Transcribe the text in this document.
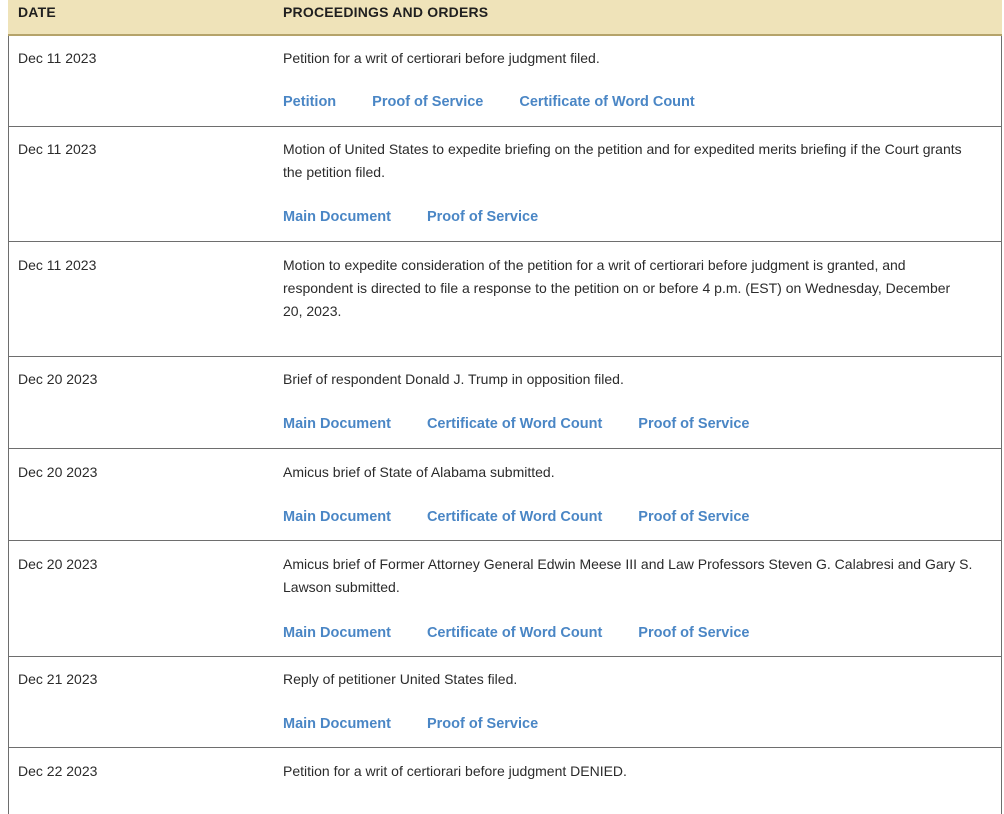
DATE	PROCEEDINGS AND ORDERS
Dec 11 2023	Petition for a writ of certiorari before judgment filed.
Petition Proof of Service Certificate of Word Count
Dec 11 2023	Motion of United States to expedite briefing on the petition and for expedited merits briefing if the Court grants the petition filed.
Main Document Proof of Service
Dec 11 2023	Motion to expedite consideration of the petition for a writ of certiorari before judgment is granted, and respondent is directed to file a response to the petition on or before 4 p.m. (EST) on Wednesday, December 20, 2023.
Dec 20 2023	Brief of respondent Donald J. Trump in opposition filed.
Main Document Certificate of Word Count Proof of Service
Dec 20 2023	Amicus brief of State of Alabama submitted.
Main Document Certificate of Word Count Proof of Service
Dec 20 2023	Amicus brief of Former Attorney General Edwin Meese III and Law Professors Steven G. Calabresi and Gary S. Lawson submitted.
Main Document Certificate of Word Count Proof of Service
Dec 21 2023	Reply of petitioner United States filed.
Main Document Proof of Service
Dec 22 2023	Petition for a writ of certiorari before judgment DENIED.
